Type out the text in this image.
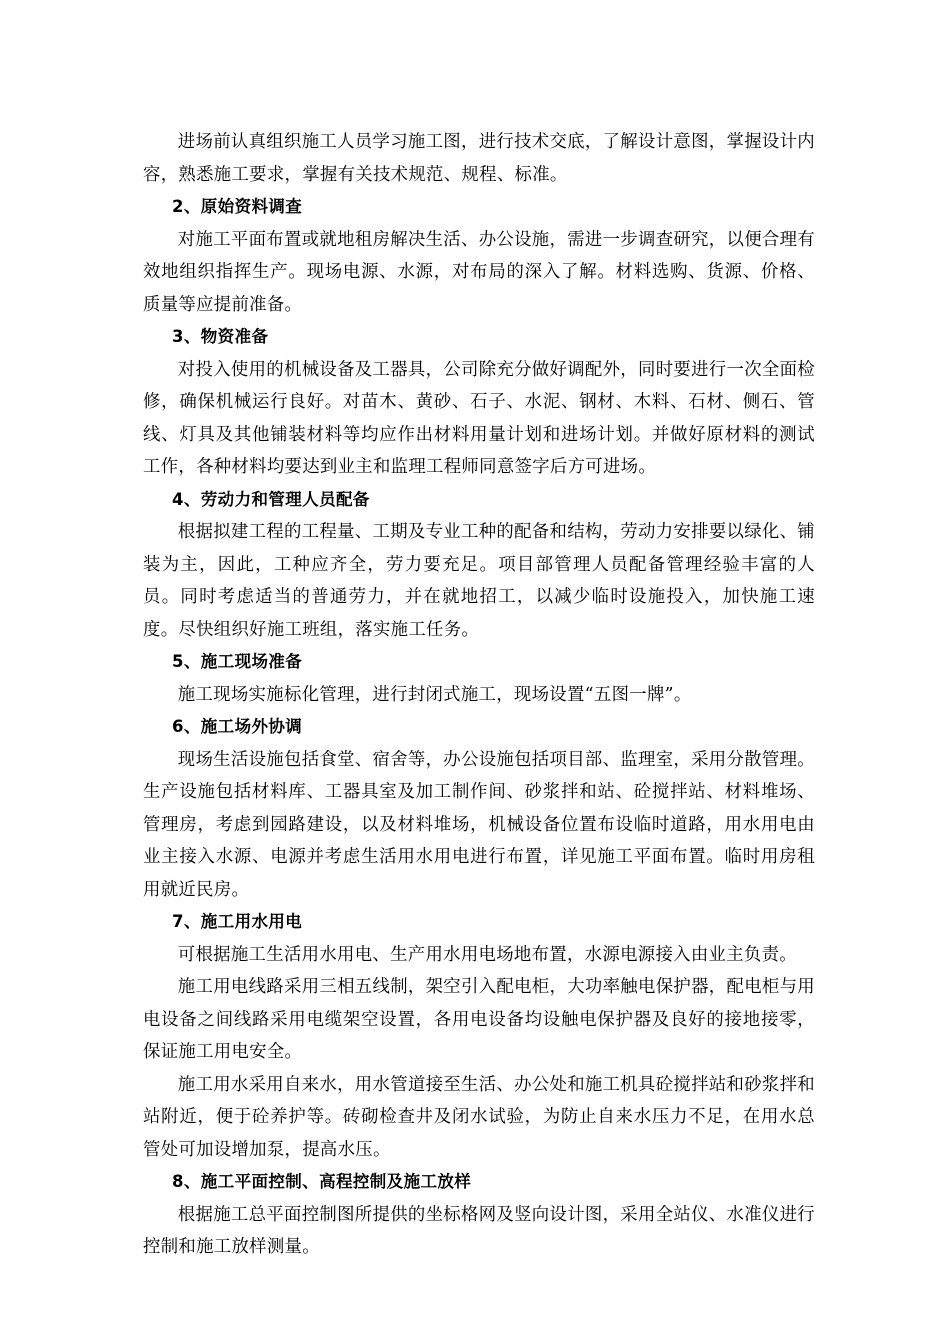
进场前认真组织施工人员学习施工图，进行技术交底，了解设计意图，掌握设计内容，熟悉施工要求，掌握有关技术规范、规程、标准。

2、原始资料调查

对施工平面布置或就地租房解决生活、办公设施，需进一步调查研究，以便合理有效地组织指挥生产。现场电源、水源，对布局的深入了解。材料选购、货源、价格、质量等应提前准备。

3、物资准备

对投入使用的机械设备及工器具，公司除充分做好调配外，同时要进行一次全面检修，确保机械运行良好。对苗木、黄砂、石子、水泥、钢材、木料、石材、侧石、管线、灯具及其他铺装材料等均应作出材料用量计划和进场计划。并做好原材料的测试工作，各种材料均要达到业主和监理工程师同意签字后方可进场。

4、劳动力和管理人员配备

根据拟建工程的工程量、工期及专业工种的配备和结构，劳动力安排要以绿化、铺装为主，因此，工种应齐全，劳力要充足。项目部管理人员配备管理经验丰富的人员。同时考虑适当的普通劳力，并在就地招工，以减少临时设施投入，加快施工速度。尽快组织好施工班组，落实施工任务。

5、施工现场准备

施工现场实施标化管理，进行封闭式施工，现场设置“五图一牌”。

6、施工场外协调

现场生活设施包括食堂、宿舍等，办公设施包括项目部、监理室，采用分散管理。生产设施包括材料库、工器具室及加工制作间、砂浆拌和站、砼搅拌站、材料堆场、管理房，考虑到园路建设，以及材料堆场，机械设备位置布设临时道路，用水用电由业主接入水源、电源并考虑生活用水用电进行布置，详见施工平面布置。临时用房租用就近民房。

7、施工用水用电

可根据施工生活用水用电、生产用水用电场地布置，水源电源接入由业主负责。

施工用电线路采用三相五线制，架空引入配电柜，大功率触电保护器，配电柜与用电设备之间线路采用电缆架空设置，各用电设备均设触电保护器及良好的接地接零，保证施工用电安全。

施工用水采用自来水，用水管道接至生活、办公处和施工机具砼搅拌站和砂浆拌和站附近，便于砼养护等。砖砌检查井及闭水试验，为防止自来水压力不足，在用水总管处可加设增加泵，提高水压。

8、施工平面控制、高程控制及施工放样

根据施工总平面控制图所提供的坐标格网及竖向设计图，采用全站仪、水准仪进行控制和施工放样测量。
